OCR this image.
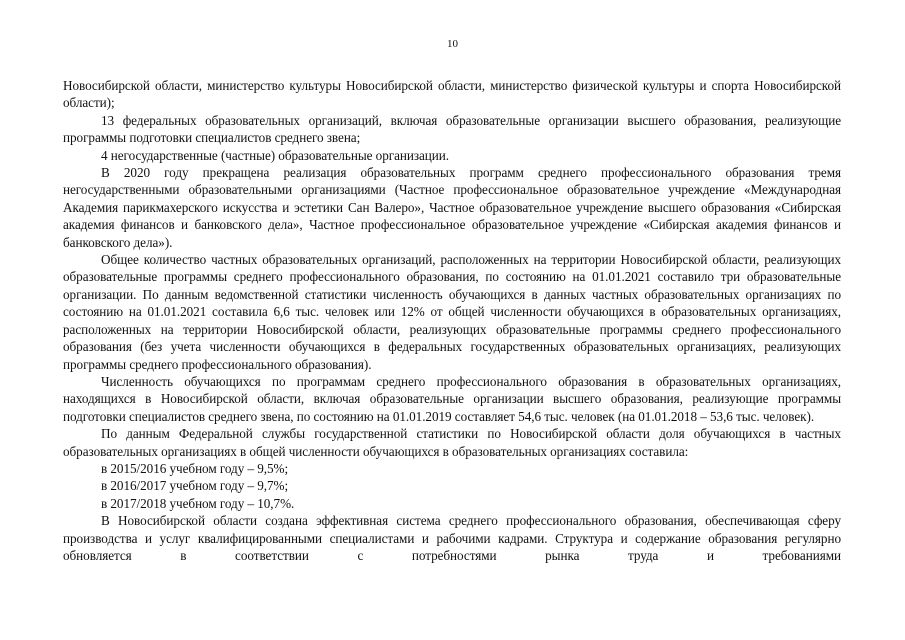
10

Новосибирской области, министерство культуры Новосибирской области, министерство физической культуры и спорта Новосибирской области);

13 федеральных образовательных организаций, включая образовательные организации высшего образования, реализующие программы подготовки специалистов среднего звена;

4 негосударственные (частные) образовательные организации.

В 2020 году прекращена реализация образовательных программ среднего профессионального образования тремя негосударственными образовательными организациями (Частное профессиональное образовательное учреждение «Международная Академия парикмахерского искусства и эстетики Сан Валеро», Частное образовательное учреждение высшего образования «Сибирская академия финансов и банковского дела», Частное профессиональное образовательное учреждение «Сибирская академия финансов и банковского дела»).

Общее количество частных образовательных организаций, расположенных на территории Новосибирской области, реализующих образовательные программы среднего профессионального образования, по состоянию на 01.01.2021 составило три образовательные организации. По данным ведомственной статистики численность обучающихся в данных частных образовательных организациях по состоянию на 01.01.2021 составила 6,6 тыс. человек или 12% от общей численности обучающихся в образовательных организациях, расположенных на территории Новосибирской области, реализующих образовательные программы среднего профессионального образования (без учета численности обучающихся в федеральных государственных образовательных организациях, реализующих программы среднего профессионального образования).

Численность обучающихся по программам среднего профессионального образования в образовательных организациях, находящихся в Новосибирской области, включая образовательные организации высшего образования, реализующие программы подготовки специалистов среднего звена, по состоянию на 01.01.2019 составляет 54,6 тыс. человек (на 01.01.2018 – 53,6 тыс. человек).

По данным Федеральной службы государственной статистики по Новосибирской области доля обучающихся в частных образовательных организациях в общей численности обучающихся в образовательных организациях составила:

в 2015/2016 учебном году – 9,5%;

в 2016/2017 учебном году – 9,7%;

в 2017/2018 учебном году – 10,7%.

В Новосибирской области создана эффективная система среднего профессионального образования, обеспечивающая сферу производства и услуг квалифицированными специалистами и рабочими кадрами. Структура и содержание образования регулярно обновляется в соответствии с потребностями рынка труда и требованиями
